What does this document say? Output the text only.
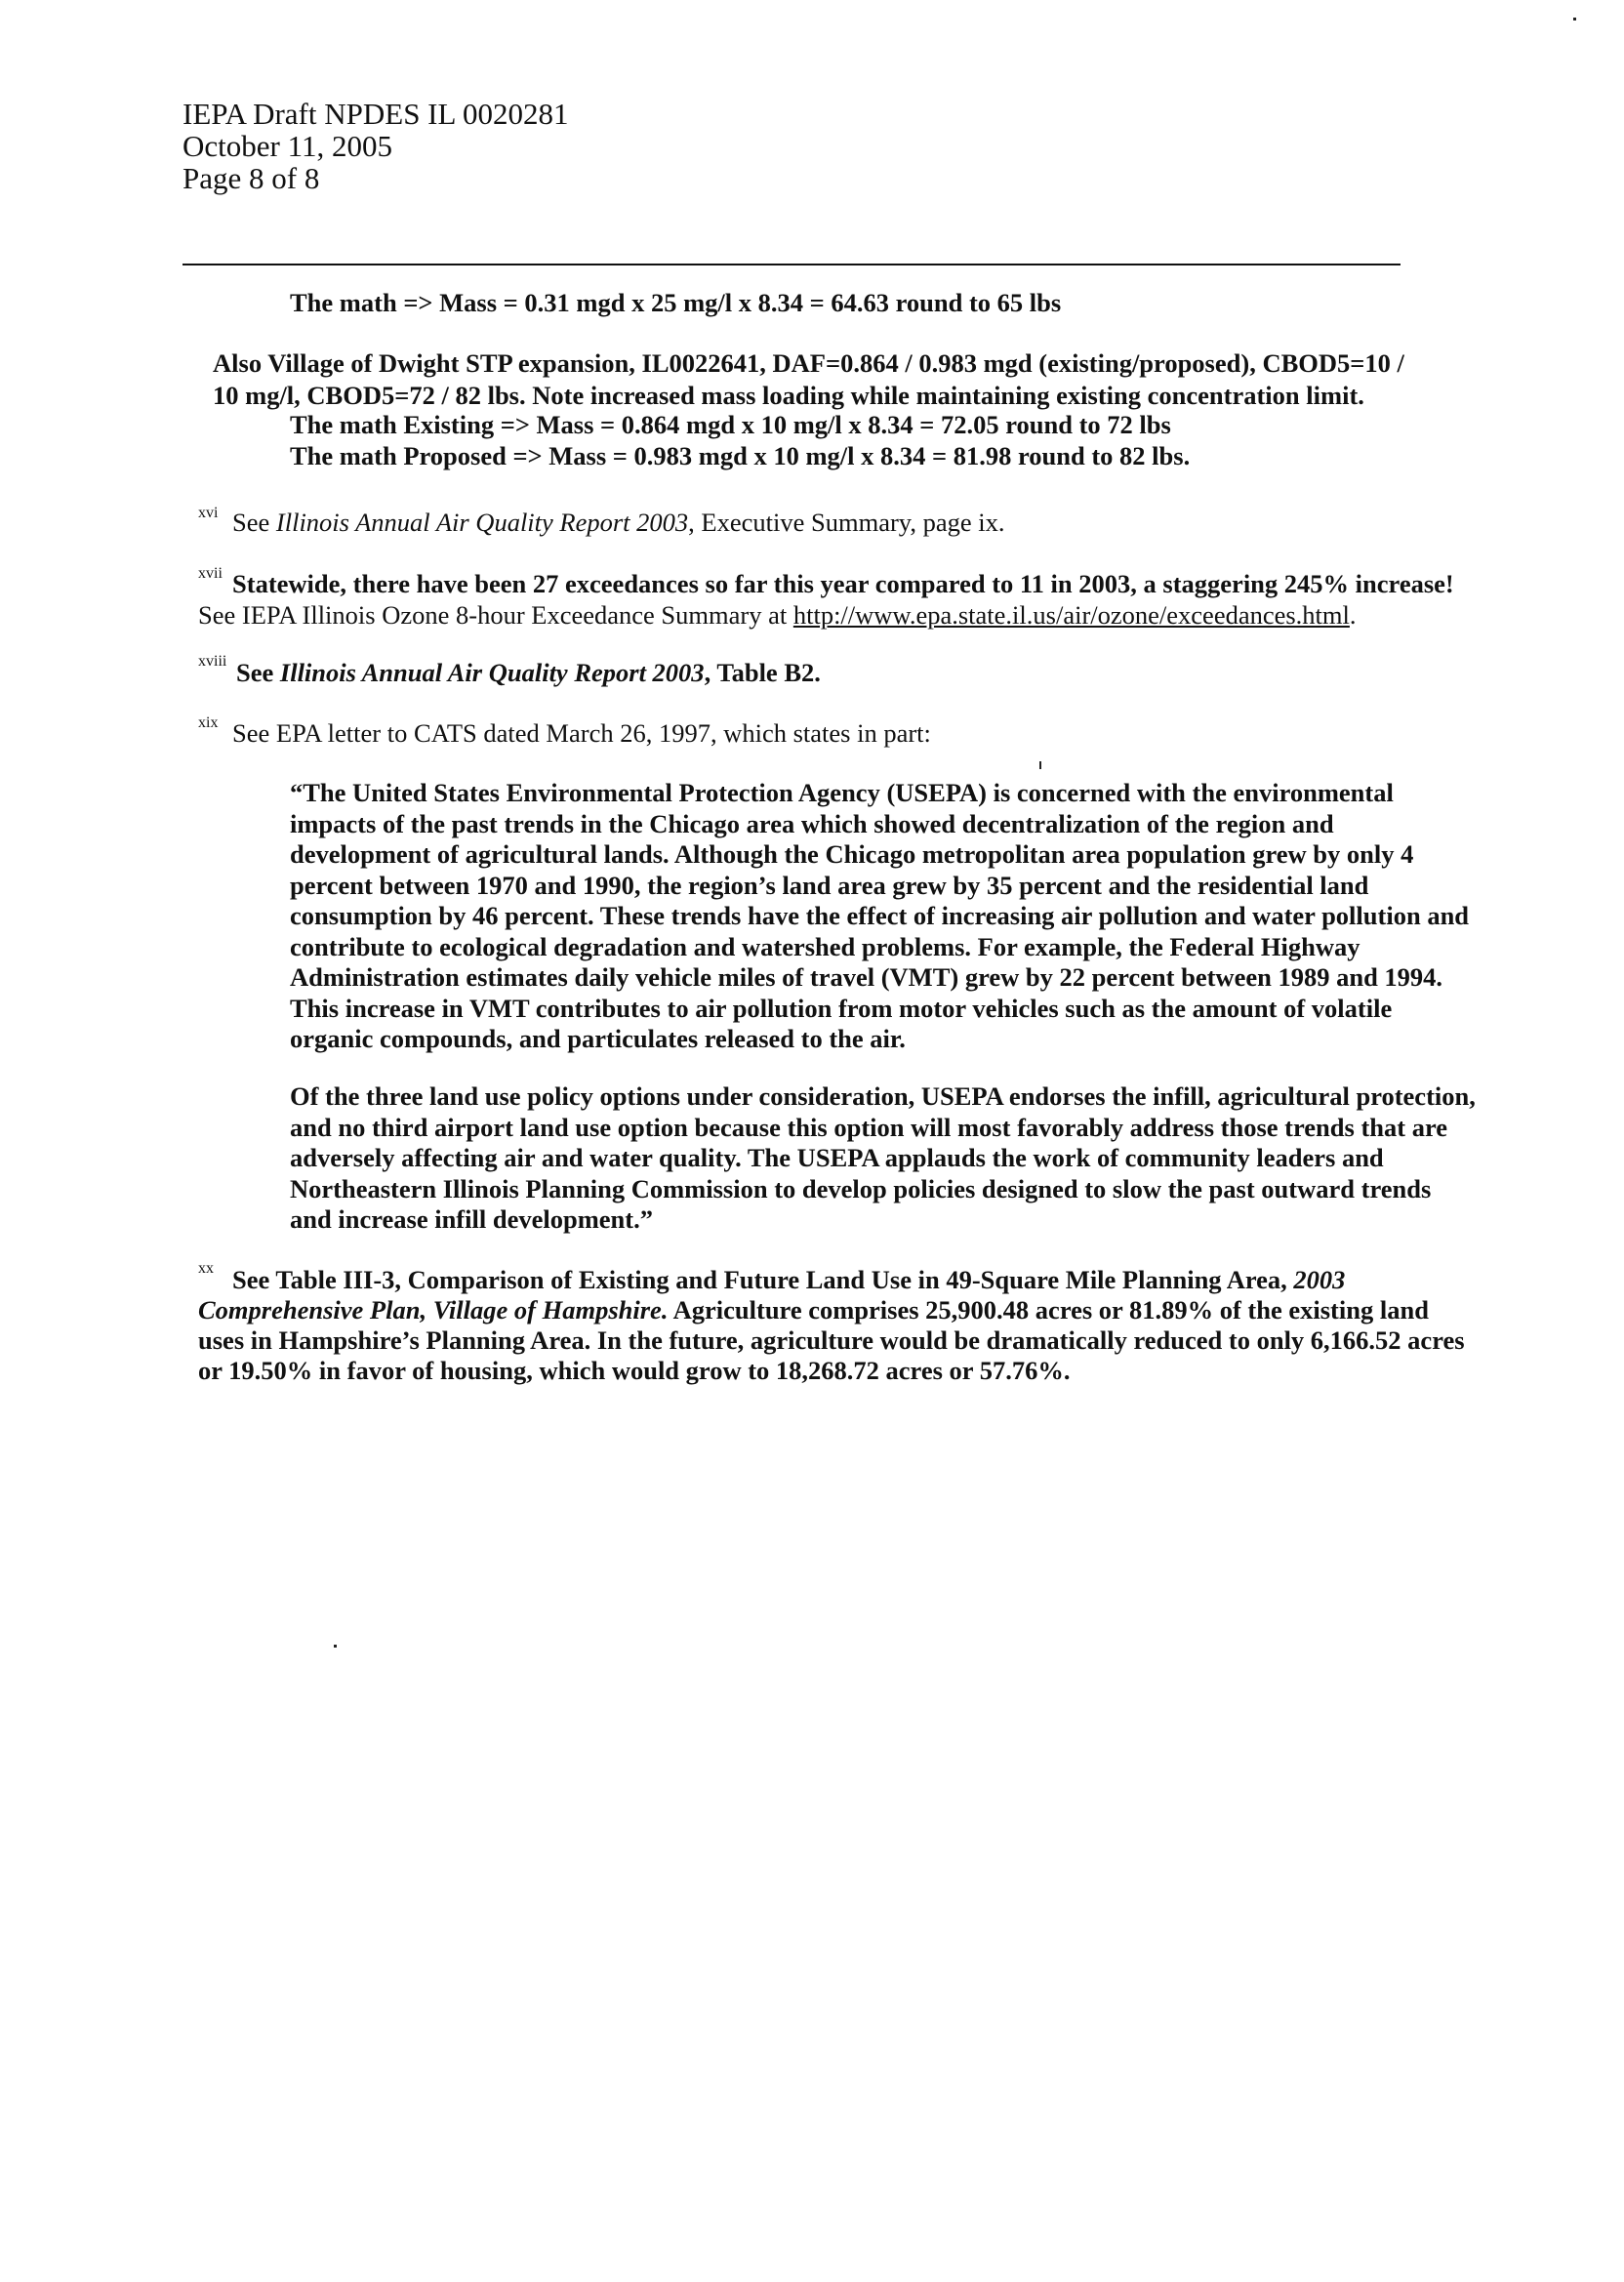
IEPA Draft NPDES IL 0020281
October 11, 2005
Page 8 of 8
The math => Mass = 0.31 mgd x 25 mg/l x 8.34 = 64.63 round to 65 lbs
Also Village of Dwight STP expansion, IL0022641, DAF=0.864 / 0.983 mgd (existing/proposed), CBOD5=10 /
10 mg/l, CBOD5=72 / 82 lbs. Note increased mass loading while maintaining existing concentration limit.
The math Existing => Mass = 0.864 mgd x 10 mg/l x 8.34 = 72.05 round to 72 lbs
The math Proposed => Mass = 0.983 mgd x 10 mg/l x 8.34 = 81.98 round to 82 lbs.
xvi See Illinois Annual Air Quality Report 2003, Executive Summary, page ix.
xvii Statewide, there have been 27 exceedances so far this year compared to 11 in 2003, a staggering 245% increase!
See IEPA Illinois Ozone 8-hour Exceedance Summary at http://www.epa.state.il.us/air/ozone/exceedances.html.
xviii See Illinois Annual Air Quality Report 2003, Table B2.
xix See EPA letter to CATS dated March 26, 1997, which states in part:
“The United States Environmental Protection Agency (USEPA) is concerned with the environmental
impacts of the past trends in the Chicago area which showed decentralization of the region and
development of agricultural lands. Although the Chicago metropolitan area population grew by only 4
percent between 1970 and 1990, the region’s land area grew by 35 percent and the residential land
consumption by 46 percent. These trends have the effect of increasing air pollution and water pollution and
contribute to ecological degradation and watershed problems. For example, the Federal Highway
Administration estimates daily vehicle miles of travel (VMT) grew by 22 percent between 1989 and 1994.
This increase in VMT contributes to air pollution from motor vehicles such as the amount of volatile
organic compounds, and particulates released to the air.
Of the three land use policy options under consideration, USEPA endorses the infill, agricultural protection,
and no third airport land use option because this option will most favorably address those trends that are
adversely affecting air and water quality. The USEPA applauds the work of community leaders and
Northeastern Illinois Planning Commission to develop policies designed to slow the past outward trends
and increase infill development.”
xx See Table III-3, Comparison of Existing and Future Land Use in 49-Square Mile Planning Area, 2003
Comprehensive Plan, Village of Hampshire. Agriculture comprises 25,900.48 acres or 81.89% of the existing land
uses in Hampshire’s Planning Area. In the future, agriculture would be dramatically reduced to only 6,166.52 acres
or 19.50% in favor of housing, which would grow to 18,268.72 acres or 57.76%.
